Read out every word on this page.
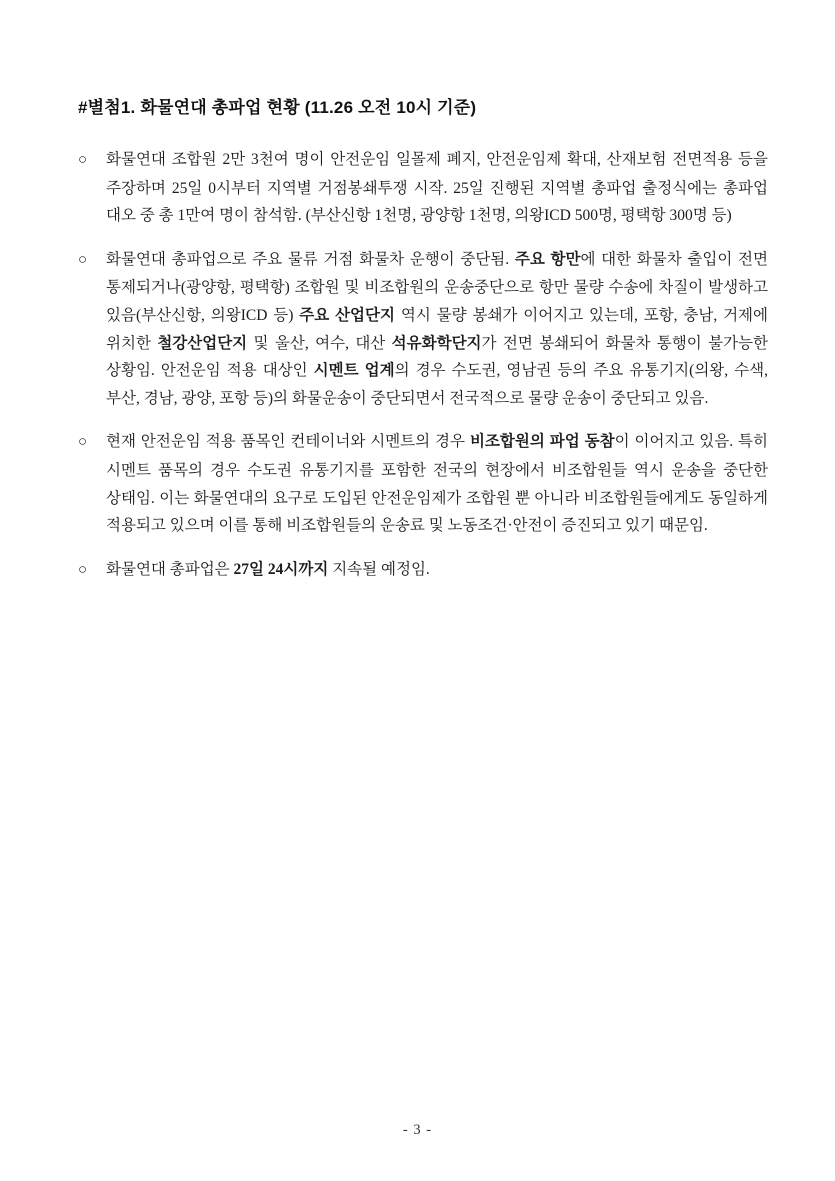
#별첨1. 화물연대 총파업 현황 (11.26 오전 10시 기준)

○ 화물연대 조합원 2만 3천여 명이 안전운임 일몰제 폐지, 안전운임제 확대, 산재보험 전면적용 등을 주장하며 25일 0시부터 지역별 거점봉쇄투쟁 시작. 25일 진행된 지역별 총파업 출정식에는 총파업 대오 중 총 1만여 명이 참석함. (부산신항 1천명, 광양항 1천명, 의왕ICD 500명, 평택항 300명 등)

○ 화물연대 총파업으로 주요 물류 거점 화물차 운행이 중단됨. 주요 항만에 대한 화물차 출입이 전면 통제되거나(광양항, 평택항) 조합원 및 비조합원의 운송중단으로 항만 물량 수송에 차질이 발생하고 있음(부산신항, 의왕ICD 등) 주요 산업단지 역시 물량 봉쇄가 이어지고 있는데, 포항, 충남, 거제에 위치한 철강산업단지 및 울산, 여수, 대산 석유화학단지가 전면 봉쇄되어 화물차 통행이 불가능한 상황임. 안전운임 적용 대상인 시멘트 업계의 경우 수도권, 영남권 등의 주요 유통기지(의왕, 수색, 부산, 경남, 광양, 포항 등)의 화물운송이 중단되면서 전국적으로 물량 운송이 중단되고 있음.

○ 현재 안전운임 적용 품목인 컨테이너와 시멘트의 경우 비조합원의 파업 동참이 이어지고 있음. 특히 시멘트 품목의 경우 수도권 유통기지를 포함한 전국의 현장에서 비조합원들 역시 운송을 중단한 상태임. 이는 화물연대의 요구로 도입된 안전운임제가 조합원 뿐 아니라 비조합원들에게도 동일하게 적용되고 있으며 이를 통해 비조합원들의 운송료 및 노동조건·안전이 증진되고 있기 때문임.

○ 화물연대 총파업은 27일 24시까지 지속될 예정임.

- 3 -
